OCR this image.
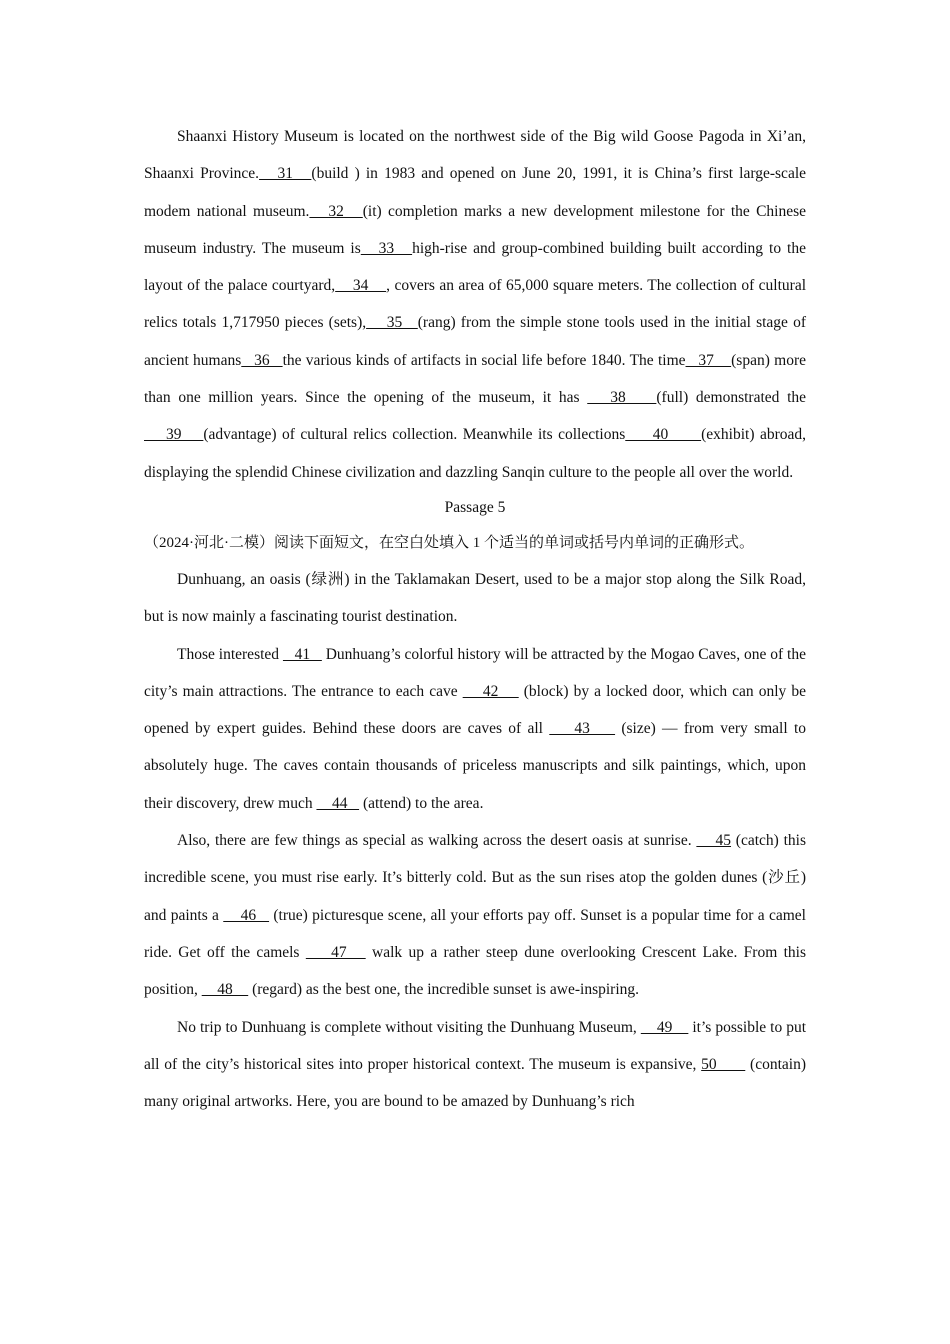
Shaanxi History Museum is located on the northwest side of the Big wild Goose Pagoda in Xi’an, Shaanxi Province.   31   (build ) in 1983 and opened on June 20, 1991, it is China’s first large-scale modem national museum.   32   (it) completion marks a new development milestone for the Chinese museum industry. The museum is   33   high-rise and group-combined building built according to the layout of the palace courtyard,    34    , covers an area of 65,000 square meters. The collection of cultural relics totals 1,717950 pieces (sets),    35   (rang) from the simple stone tools used in the initial stage of ancient humans   36   the various kinds of artifacts in social life before 1840. The time   37    (span) more than one million years. Since the opening of the museum, it has    38    (full) demonstrated the    39    (advantage) of cultural relics collection. Meanwhile its collections     40      (exhibit) abroad, displaying the splendid Chinese civilization and dazzling Sanqin culture to the people all over the world.

Passage 5

（2024·河北·二模）阅读下面短文，在空白处填入 1 个适当的单词或括号内单词的正确形式。

Dunhuang, an oasis (绿洲) in the Taklamakan Desert, used to be a major stop along the Silk Road, but is now mainly a fascinating tourist destination.

Those interested    41    Dunhuang’s colorful history will be attracted by the Mogao Caves, one of the city’s main attractions. The entrance to each cave     42     (block) by a locked door, which can only be opened by expert guides. Behind these doors are caves of all     43     (size) — from very small to absolutely huge. The caves contain thousands of priceless manuscripts and silk paintings, which, upon their discovery, drew much     44    (attend) to the area.

Also, there are few things as special as walking across the desert oasis at sunrise.     45 (catch) this incredible scene, you must rise early. It’s bitterly cold. But as the sun rises atop the golden dunes (沙丘) and paints a     46    (true) picturesque scene, all your efforts pay off. Sunset is a popular time for a camel ride. Get off the camels     47    walk up a rather steep dune overlooking Crescent Lake. From this position,     48     (regard) as the best one, the incredible sunset is awe-inspiring.

No trip to Dunhuang is complete without visiting the Dunhuang Museum,     49     it’s possible to put all of the city’s historical sites into proper historical context. The museum is expansive, 50       (contain) many original artworks. Here, you are bound to be amazed by Dunhuang’s rich
